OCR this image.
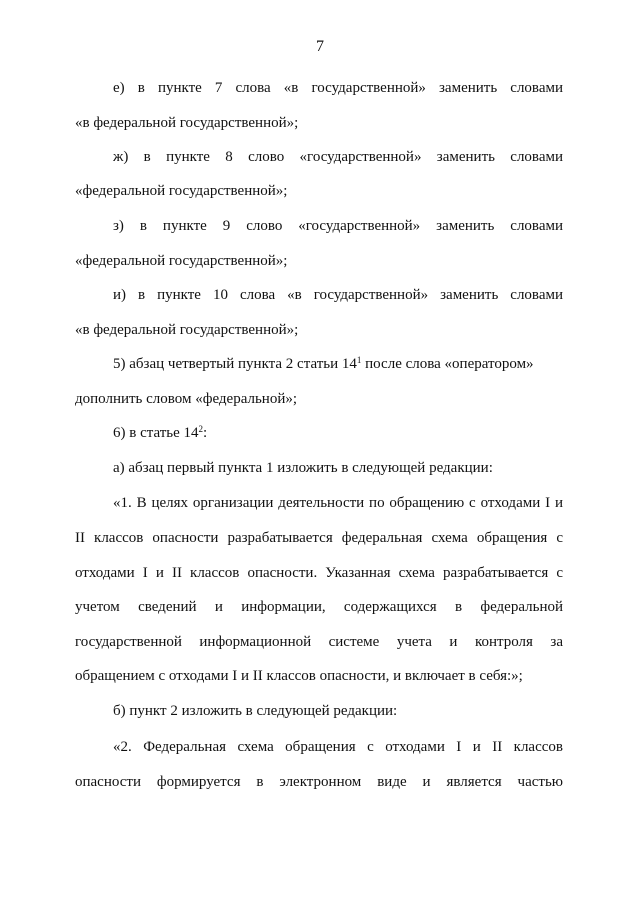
7
е) в пункте 7 слова «в государственной» заменить словами
«в федеральной государственной»;
ж) в пункте 8 слово «государственной» заменить словами
«федеральной государственной»;
з) в пункте 9 слово «государственной» заменить словами
«федеральной государственной»;
и) в пункте 10 слова «в государственной» заменить словами
«в федеральной государственной»;
5) абзац четвертый пункта 2 статьи $14^1$ после слова «оператором»
дополнить словом «федеральной»;
6) в статье $14^2$:
а) абзац первый пункта 1 изложить в следующей редакции:
«1. В целях организации деятельности по обращению с отходами I и
II классов опасности разрабатывается федеральная схема обращения с
отходами I и II классов опасности. Указанная схема разрабатывается с
учетом сведений и информации, содержащихся в федеральной
государственной информационной системе учета и контроля за
обращением с отходами I и II классов опасности, и включает в себя:»;
б) пункт 2 изложить в следующей редакции:
«2. Федеральная схема обращения с отходами I и II классов
опасности формируется в электронном виде и является частью
